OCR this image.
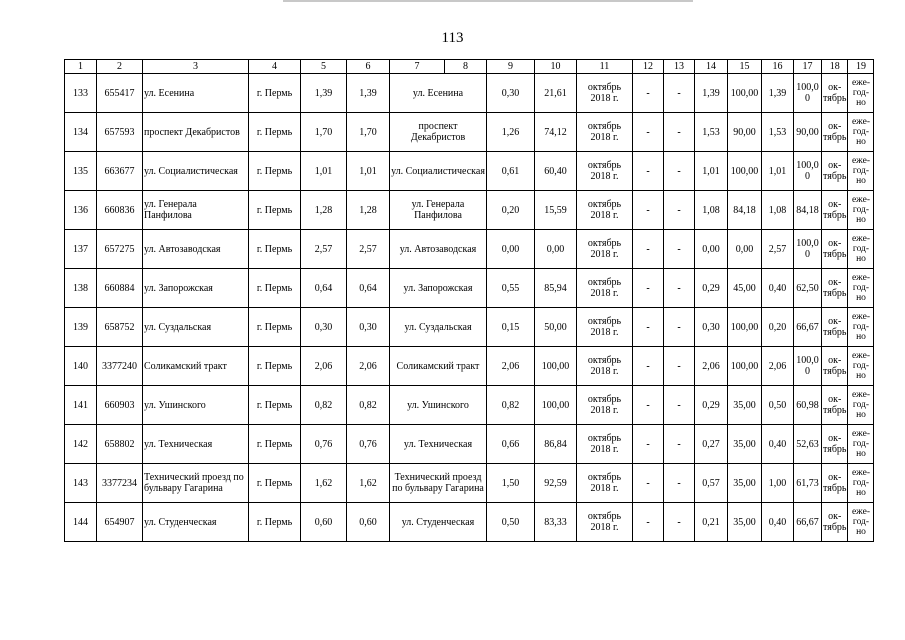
113
1	2	3	4	5	6	7	8	9	10	11	12	13	14	15	16	17	18	19
133	655417	ул. Есенина	г. Пермь	1,39	1,39	ул. Есенина		0,30	21,61	октябрь 2018 г.	-	-	1,39	100,00	1,39	100,0 0	ок- тябрь	еже- год- но
134	657593	проспект Декабристов	г. Пермь	1,70	1,70	проспект Декабристов		1,26	74,12	октябрь 2018 г.	-	-	1,53	90,00	1,53	90,00	ок- тябрь	еже- год- но
135	663677	ул. Социалистическая	г. Пермь	1,01	1,01	ул. Социалистическая		0,61	60,40	октябрь 2018 г.	-	-	1,01	100,00	1,01	100,0 0	ок- тябрь	еже- год- но
136	660836	ул. Генерала Панфилова	г. Пермь	1,28	1,28	ул. Генерала Панфилова		0,20	15,59	октябрь 2018 г.	-	-	1,08	84,18	1,08	84,18	ок- тябрь	еже- год- но
137	657275	ул. Автозаводская	г. Пермь	2,57	2,57	ул. Автозаводская		0,00	0,00	октябрь 2018 г.	-	-	0,00	0,00	2,57	100,0 0	ок- тябрь	еже- год- но
138	660884	ул. Запорожская	г. Пермь	0,64	0,64	ул. Запорожская		0,55	85,94	октябрь 2018 г.	-	-	0,29	45,00	0,40	62,50	ок- тябрь	еже- год- но
139	658752	ул. Суздальская	г. Пермь	0,30	0,30	ул. Суздальская		0,15	50,00	октябрь 2018 г.	-	-	0,30	100,00	0,20	66,67	ок- тябрь	еже- год- но
140	3377240	Соликамский тракт	г. Пермь	2,06	2,06	Соликамский тракт		2,06	100,00	октябрь 2018 г.	-	-	2,06	100,00	2,06	100,0 0	ок- тябрь	еже- год- но
141	660903	ул. Ушинского	г. Пермь	0,82	0,82	ул. Ушинского		0,82	100,00	октябрь 2018 г.	-	-	0,29	35,00	0,50	60,98	ок- тябрь	еже- год- но
142	658802	ул. Техническая	г. Пермь	0,76	0,76	ул. Техническая		0,66	86,84	октябрь 2018 г.	-	-	0,27	35,00	0,40	52,63	ок- тябрь	еже- год- но
143	3377234	Технический проезд по бульвару Гагарина	г. Пермь	1,62	1,62	Технический проезд по бульвару Гагарина		1,50	92,59	октябрь 2018 г.	-	-	0,57	35,00	1,00	61,73	ок- тябрь	еже- год- но
144	654907	ул. Студенческая	г. Пермь	0,60	0,60	ул. Студенческая		0,50	83,33	октябрь 2018 г.	-	-	0,21	35,00	0,40	66,67	ок- тябрь	еже- год- но
